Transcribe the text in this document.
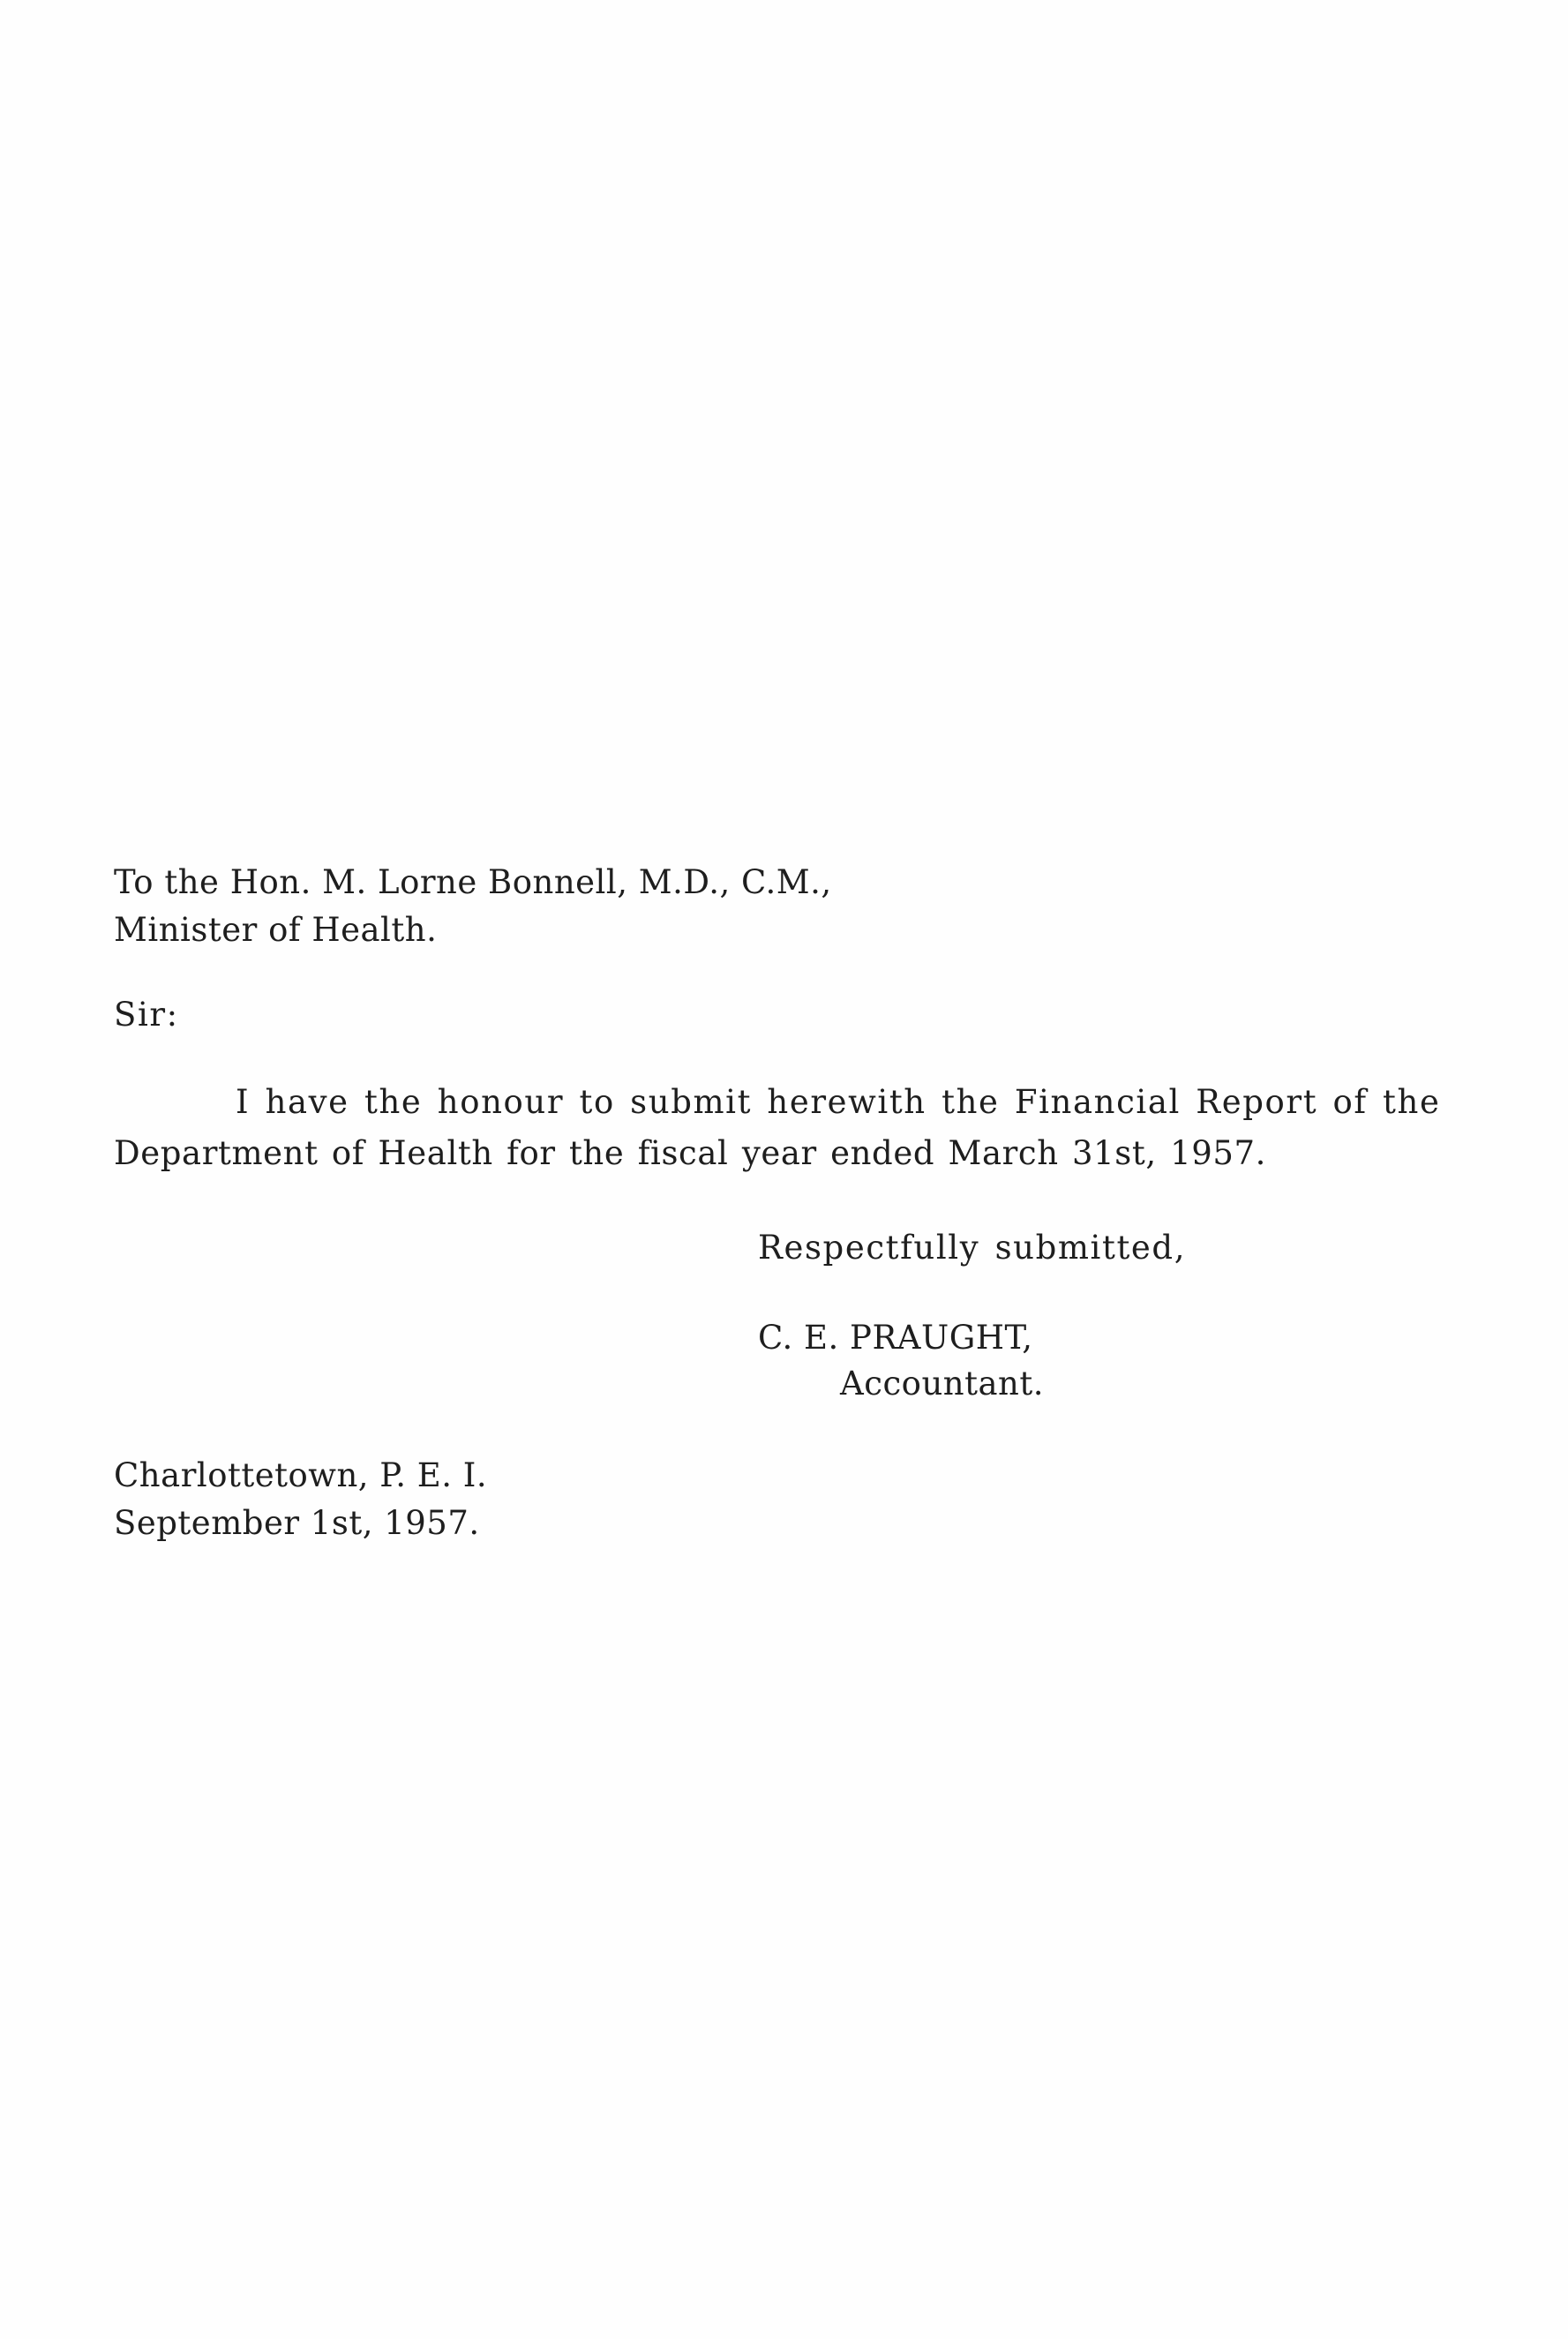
To the Hon. M. Lorne Bonnell, M.D., C.M.,
Minister of Health.
Sir:
I have the honour to submit herewith the Financial Report of the
Department of Health for the fiscal year ended March 31st, 1957.
Respectfully submitted,
C. E. PRAUGHT,
Accountant.
Charlottetown, P. E. I.
September 1st, 1957.
